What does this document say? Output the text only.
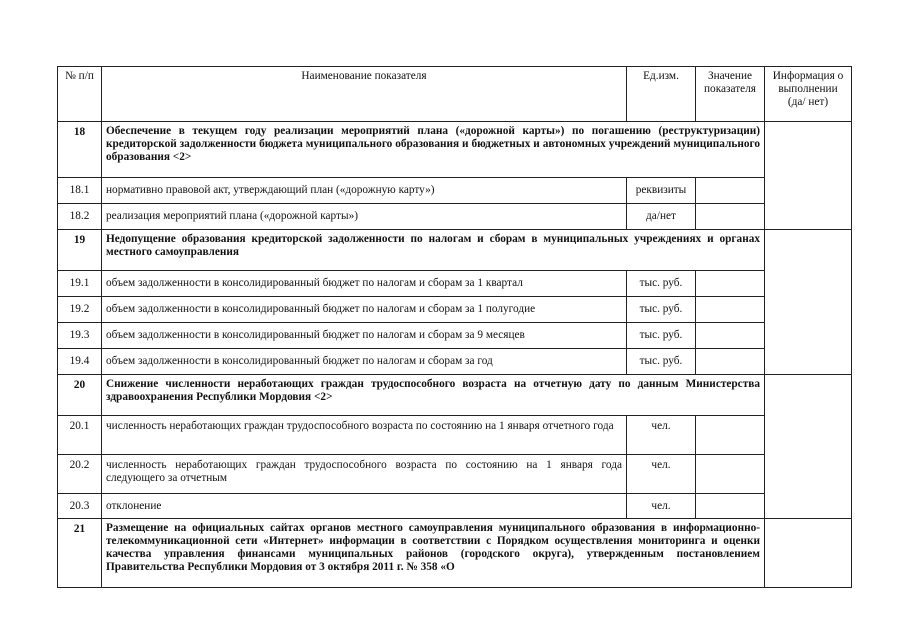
№ п/п	Наименование показателя	Ед.изм.	Значение показателя	Информация о выполнении (да/ нет)
18	Обеспечение в текущем году реализации мероприятий плана («дорожной карты») по погашению (реструктуризации) кредиторской задолженности бюджета муниципального образования и бюджетных и автономных учреждений муниципального образования <2>			
18.1	нормативно правовой акт, утверждающий план («дорожную карту»)	реквизиты		
18.2	реализация мероприятий плана («дорожной карты»)	да/нет		
19	Недопущение образования кредиторской задолженности по налогам и сборам в муниципальных учреждениях и органах местного самоуправления			
19.1	объем задолженности в консолидированный бюджет по налогам и сборам за 1 квартал	тыс. руб.		
19.2	объем задолженности в консолидированный бюджет по налогам и сборам за 1 полугодие	тыс. руб.		
19.3	объем задолженности в консолидированный бюджет по налогам и сборам за 9 месяцев	тыс. руб.		
19.4	объем задолженности в консолидированный бюджет по налогам и сборам за год	тыс. руб.		
20	Снижение численности неработающих граждан трудоспособного возраста на отчетную дату по данным Министерства здравоохранения Республики Мордовия <2>			
20.1	численность неработающих граждан трудоспособного возраста по состоянию на 1 января отчетного года	чел.		
20.2	численность неработающих граждан трудоспособного возраста по состоянию на 1 января года следующего за отчетным	чел.		
20.3	отклонение	чел.		
21	Размещение на официальных сайтах органов местного самоуправления муниципального образования в информационно-телекоммуникационной сети «Интернет» информации в соответствии с Порядком осуществления мониторинга и оценки качества управления финансами муниципальных районов (городского округа), утвержденным постановлением Правительства Республики Мордовия от 3 октября 2011 г. № 358 «О			
